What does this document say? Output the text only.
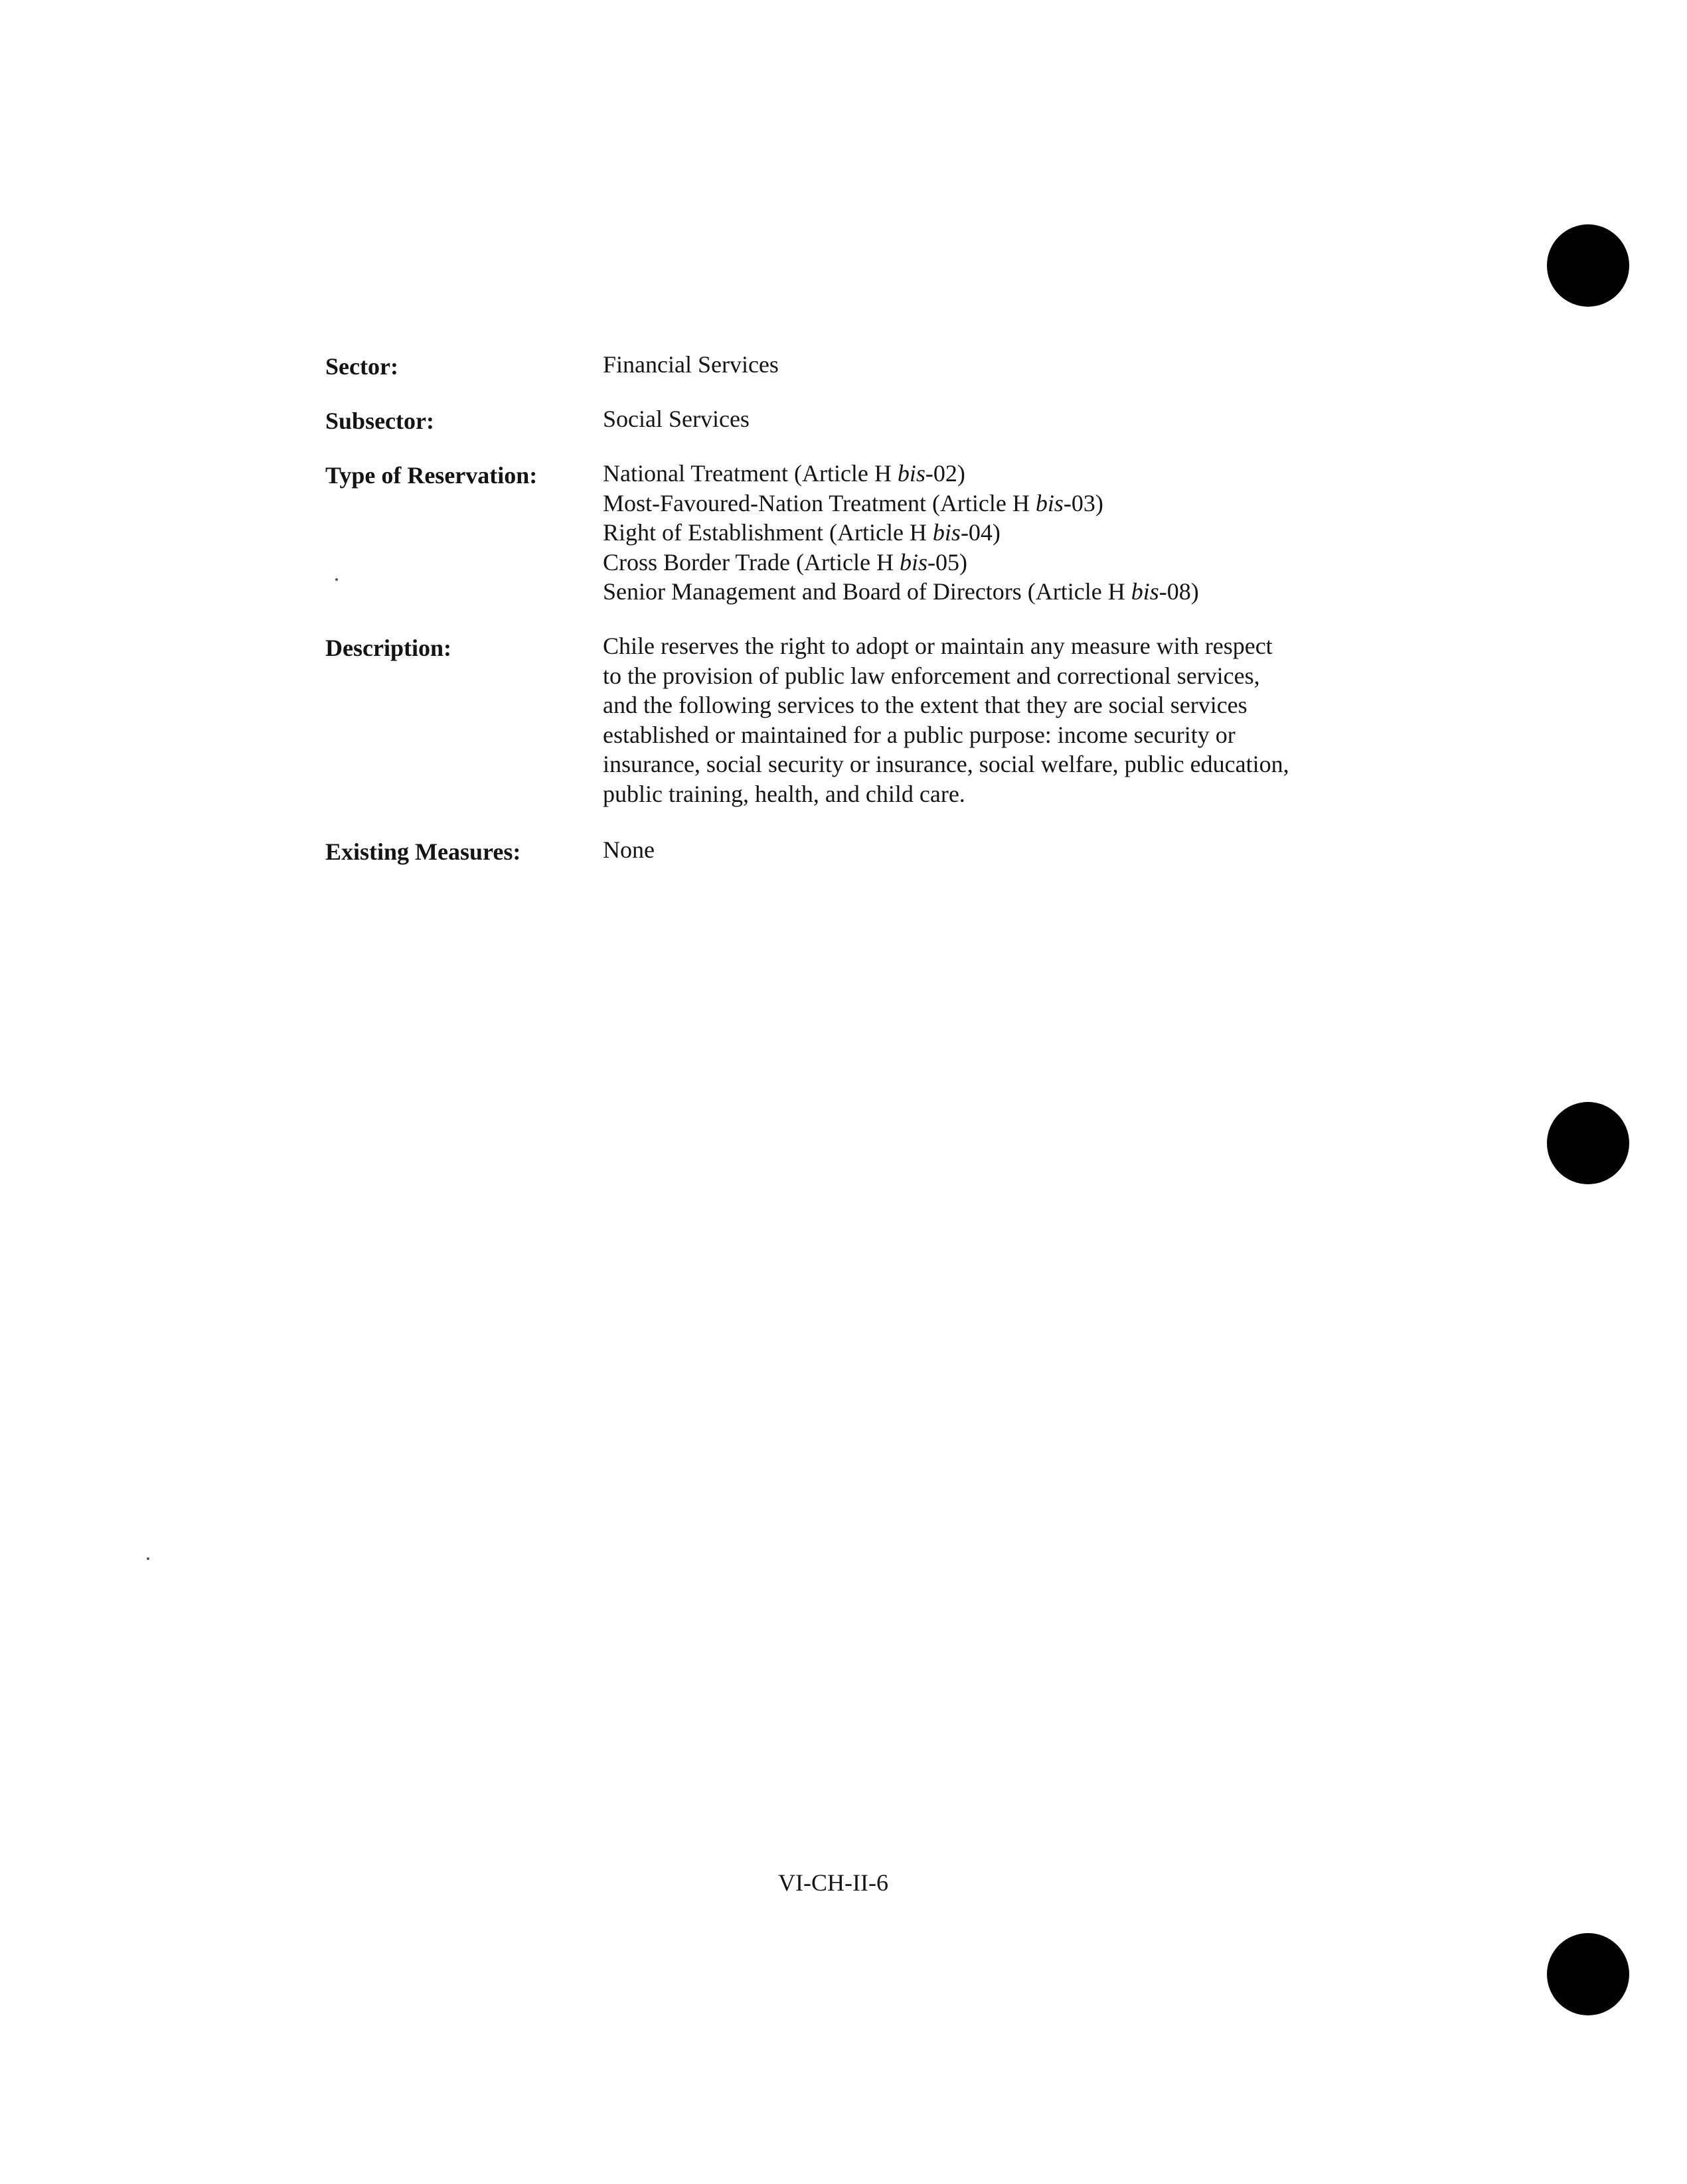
Sector:	Financial Services
Subsector:	Social Services
Type of Reservation:	National Treatment (Article H bis-02)
Most-Favoured-Nation Treatment (Article H bis-03)
Right of Establishment (Article H bis-04)
Cross Border Trade (Article H bis-05)
Senior Management and Board of Directors (Article H bis-08)
Description:	Chile reserves the right to adopt or maintain any measure with respect
to the provision of public law enforcement and correctional services,
and the following services to the extent that they are social services
established or maintained for a public purpose: income security or
insurance, social security or insurance, social welfare, public education,
public training, health, and child care.
Existing Measures:	None
VI-CH-II-6
